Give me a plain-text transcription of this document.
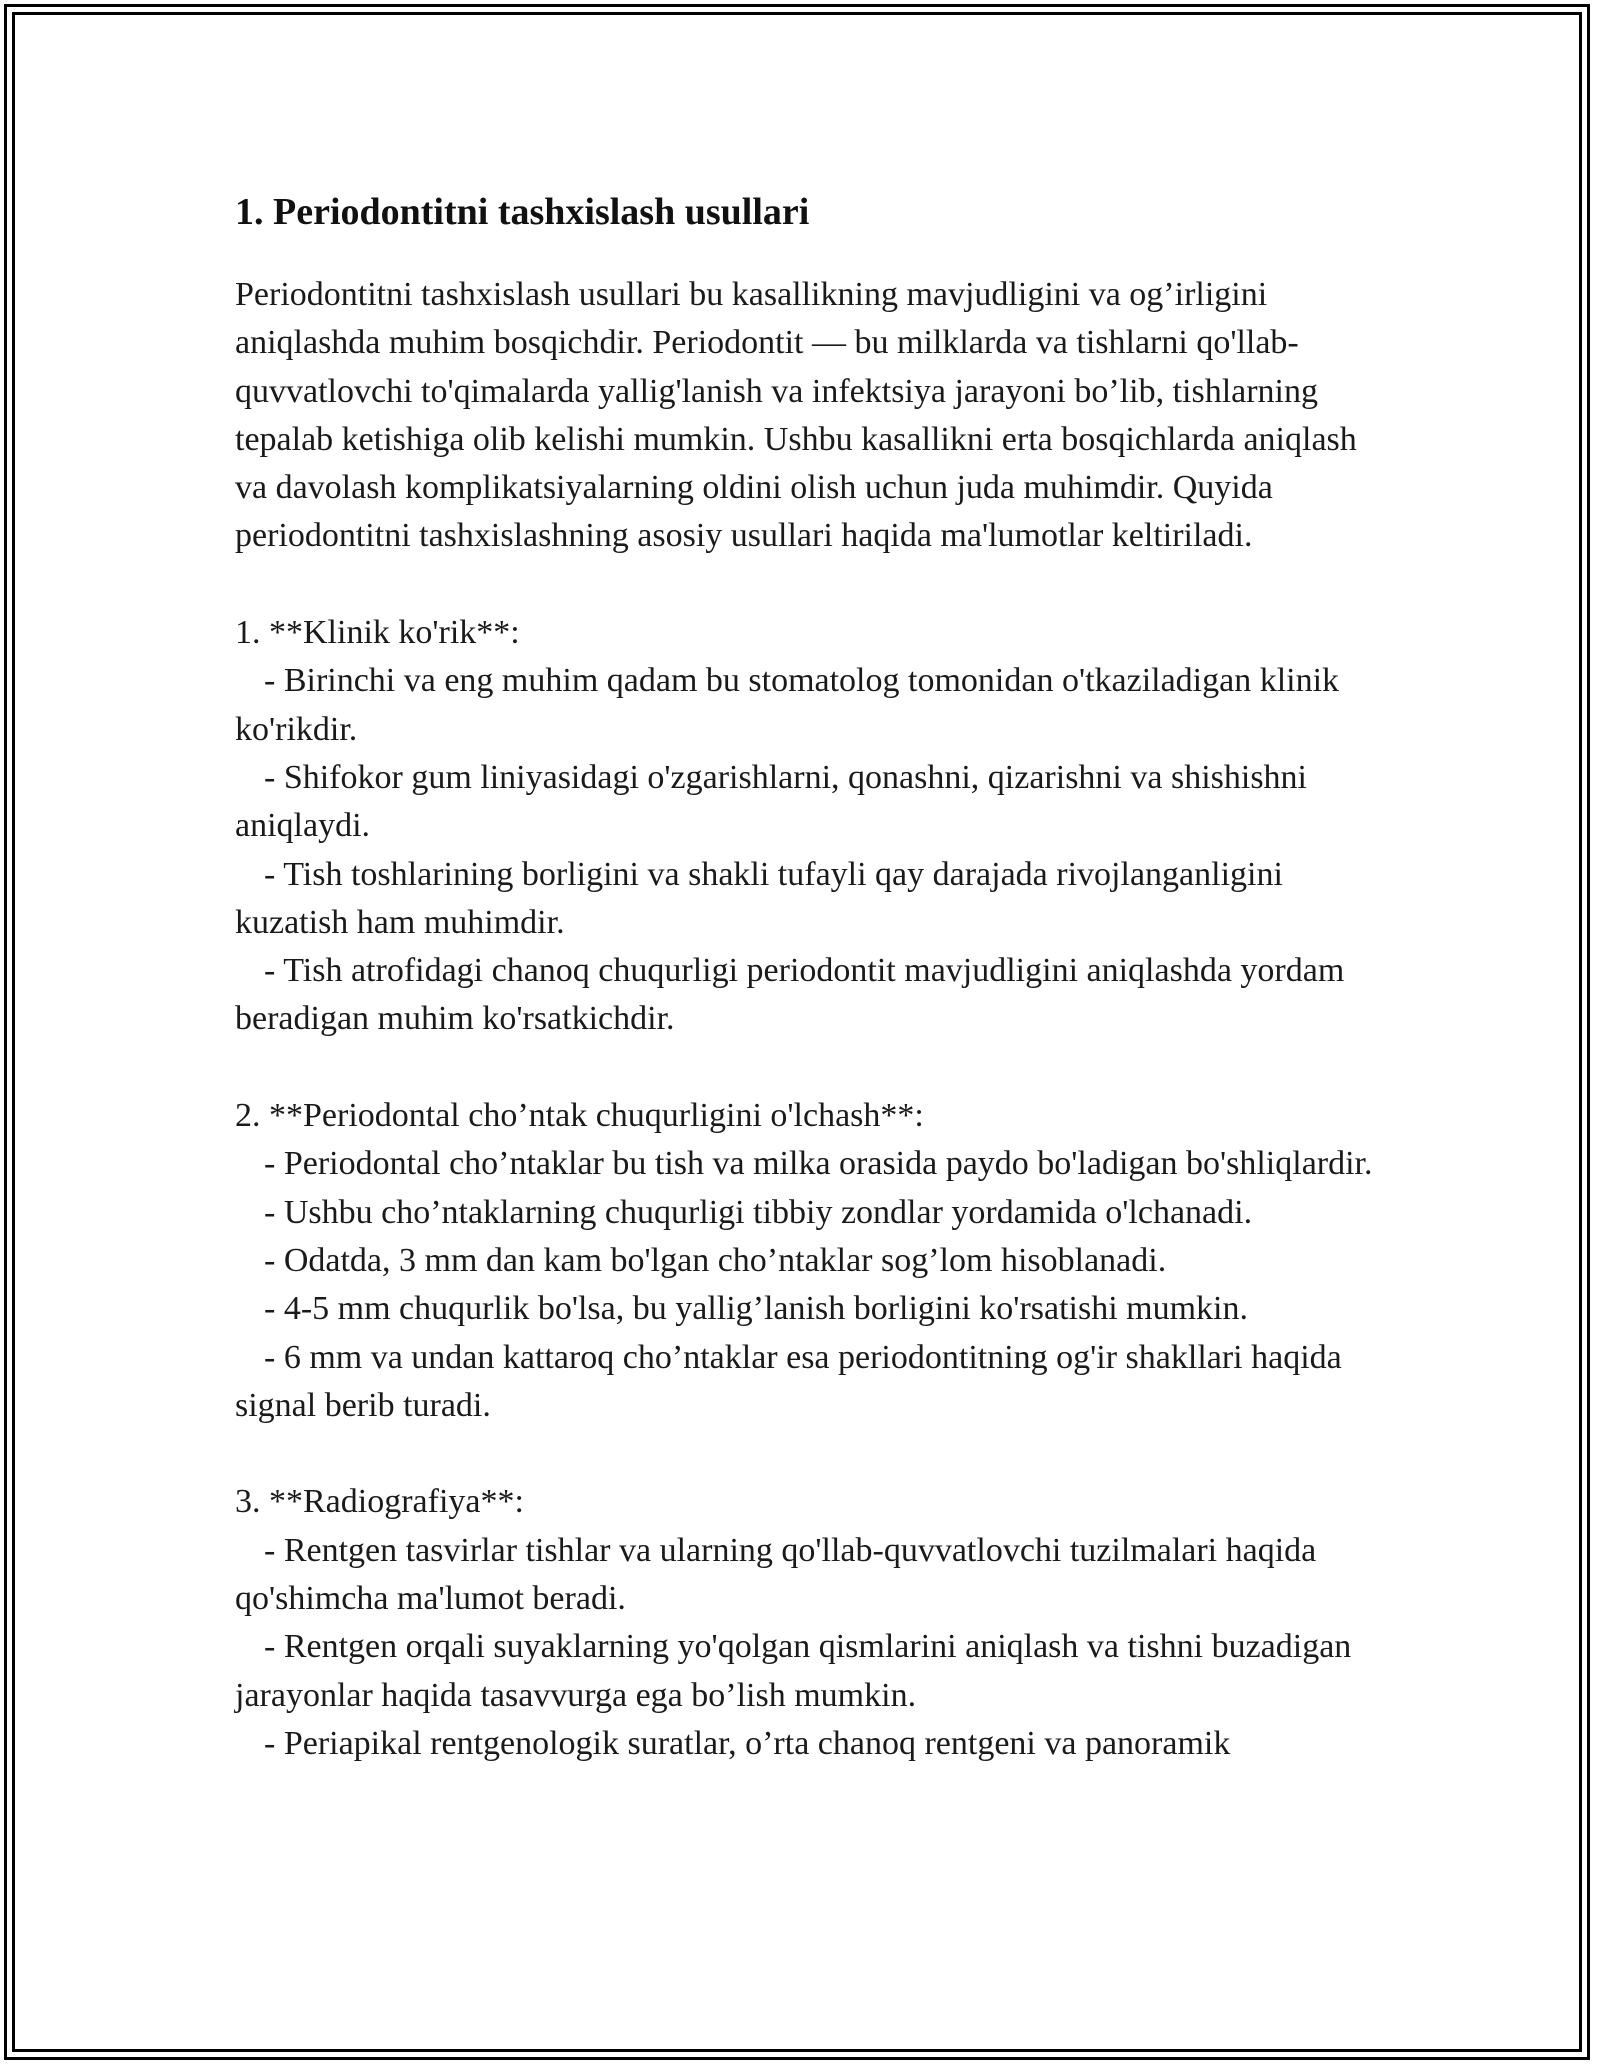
1. Periodontitni tashxislash usullari

Periodontitni tashxislash usullari bu kasallikning mavjudligini va og’irligini aniqlashda muhim bosqichdir. Periodontit — bu milklarda va tishlarni qo'llab-quvvatlovchi to'qimalarda yallig'lanish va infektsiya jarayoni bo’lib, tishlarning tepalab ketishiga olib kelishi mumkin. Ushbu kasallikni erta bosqichlarda aniqlash va davolash komplikatsiyalarning oldini olish uchun juda muhimdir. Quyida periodontitni tashxislashning asosiy usullari haqida ma'lumotlar keltiriladi.

1. **Klinik ko'rik**:

- Birinchi va eng muhim qadam bu stomatolog tomonidan o'tkaziladigan klinik ko'rikdir.

- Shifokor gum liniyasidagi o'zgarishlarni, qonashni, qizarishni va shishishni aniqlaydi.

- Tish toshlarining borligini va shakli tufayli qay darajada rivojlanganligini kuzatish ham muhimdir.

- Tish atrofidagi chanoq chuqurligi periodontit mavjudligini aniqlashda yordam beradigan muhim ko'rsatkichdir.

2. **Periodontal cho’ntak chuqurligini o'lchash**:

- Periodontal cho’ntaklar bu tish va milka orasida paydo bo'ladigan bo'shliqlardir.

- Ushbu cho’ntaklarning chuqurligi tibbiy zondlar yordamida o'lchanadi.

- Odatda, 3 mm dan kam bo'lgan cho’ntaklar sog’lom hisoblanadi.

- 4-5 mm chuqurlik bo'lsa, bu yallig’lanish borligini ko'rsatishi mumkin.

- 6 mm va undan kattaroq cho’ntaklar esa periodontitning og'ir shakllari haqida signal berib turadi.

3. **Radiografiya**:

- Rentgen tasvirlar tishlar va ularning qo'llab-quvvatlovchi tuzilmalari haqida qo'shimcha ma'lumot beradi.

- Rentgen orqali suyaklarning yo'qolgan qismlarini aniqlash va tishni buzadigan jarayonlar haqida tasavvurga ega bo’lish mumkin.

- Periapikal rentgenologik suratlar, o’rta chanoq rentgeni va panoramik
